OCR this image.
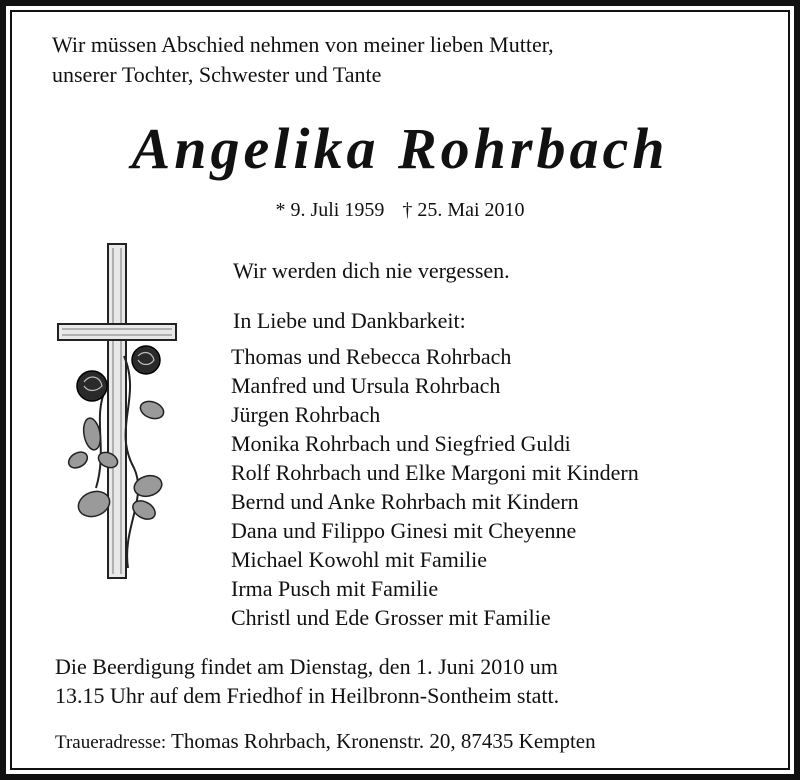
Wir müssen Abschied nehmen von meiner lieben Mutter,
unserer Tochter, Schwester und Tante
Angelika Rohrbach
* 9. Juli 1959 † 25. Mai 2010
Wir werden dich nie vergessen.
In Liebe und Dankbarkeit:
Thomas und Rebecca Rohrbach
Manfred und Ursula Rohrbach
Jürgen Rohrbach
Monika Rohrbach und Siegfried Guldi
Rolf Rohrbach und Elke Margoni mit Kindern
Bernd und Anke Rohrbach mit Kindern
Dana und Filippo Ginesi mit Cheyenne
Michael Kowohl mit Familie
Irma Pusch mit Familie
Christl und Ede Grosser mit Familie
Die Beerdigung findet am Dienstag, den 1. Juni 2010 um
13.15 Uhr auf dem Friedhof in Heilbronn-Sontheim statt.
Traueradresse: Thomas Rohrbach, Kronenstr. 20, 87435 Kempten
